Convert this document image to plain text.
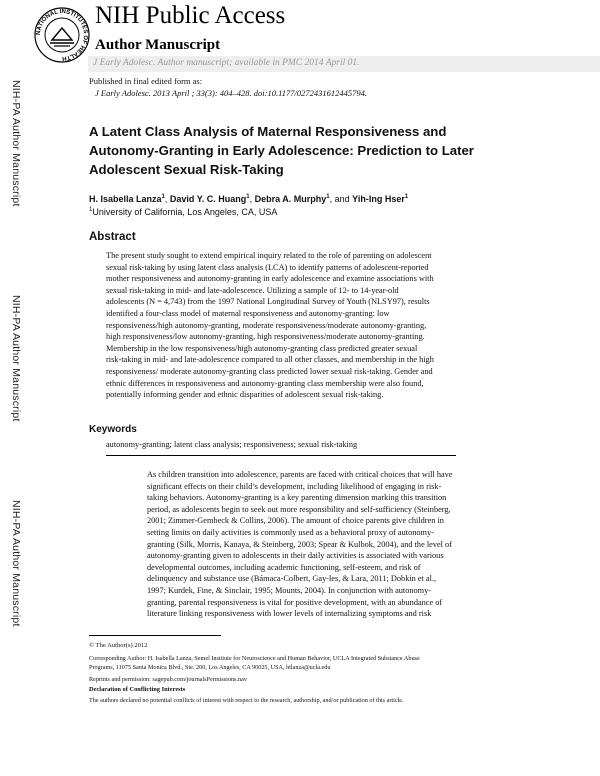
NATIONAL INSTITUTES OF HEALTH
NIH Public Access
Author Manuscript
J Early Adolesc. Author manuscript; available in PMC 2014 April 01.
Published in final edited form as:
J Early Adolesc. 2013 April ; 33(3): 404–428. doi:10.1177/0272431612445794.
NIH-PA Author Manuscript
NIH-PA Author Manuscript
NIH-PA Author Manuscript
A Latent Class Analysis of Maternal Responsiveness and
Autonomy-Granting in Early Adolescence: Prediction to Later
Adolescent Sexual Risk-Taking
H. Isabella Lanza$^1$, David Y. C. Huang$^1$, Debra A. Murphy$^1$, and Yih-Ing Hser$^1$
$^1$University of California, Los Angeles, CA, USA
Abstract
The present study sought to extend empirical inquiry related to the role of parenting on adolescent
sexual risk-taking by using latent class analysis (LCA) to identify patterns of adolescent-reported
mother responsiveness and autonomy-granting in early adolescence and examine associations with
sexual risk-taking in mid- and late-adolescence. Utilizing a sample of 12- to 14-year-old
adolescents (N = 4,743) from the 1997 National Longitudinal Survey of Youth (NLSY97), results
identified a four-class model of maternal responsiveness and autonomy-granting: low
responsiveness/high autonomy-granting, moderate responsiveness/moderate autonomy-granting,
high responsiveness/low autonomy-granting, high responsiveness/moderate autonomy-granting.
Membership in the low responsiveness/high autonomy-granting class predicted greater sexual
risk-taking in mid- and late-adolescence compared to all other classes, and membership in the high
responsiveness/ moderate autonomy-granting class predicted lower sexual risk-taking. Gender and
ethnic differences in responsiveness and autonomy-granting class membership were also found,
potentially informing gender and ethnic disparities of adolescent sexual risk-taking.
Keywords
autonomy-granting; latent class analysis; responsiveness; sexual risk-taking
As children transition into adolescence, parents are faced with critical choices that will have
significant effects on their child’s development, including likelihood of engaging in risk-
taking behaviors. Autonomy-granting is a key parenting dimension marking this transition
period, as adolescents begin to seek out more responsibility and self-sufficiency (Steinberg,
2001; Zimmer-Gembeck & Collins, 2006). The amount of choice parents give children in
setting limits on daily activities is commonly used as a behavioral proxy of autonomy-
granting (Silk, Morris, Kanaya, & Steinberg, 2003; Spear & Kulbok, 2004), and the level of
autonomy-granting given to adolescents in their daily activities is associated with various
developmental outcomes, including academic functioning, self-esteem, and risk of
delinquency and substance use (Bámaca-Colbert, Gay-les, & Lara, 2011; Dobkin et al.,
1997; Kurdek, Fine, & Sinclair, 1995; Mounts, 2004). In conjunction with autonomy-
granting, parental responsiveness is vital for positive development, with an abundance of
literature linking responsiveness with lower levels of internalizing symptoms and risk
© The Author(s) 2012
Corresponding Author: H. Isabella Lanza, Semel Institute for Neuroscience and Human Behavior, UCLA Integrated Substance Abuse
Programs, 11075 Santa Monica Blvd., Ste. 200, Los Angeles, CA 90025, USA, hilanza@ucla.edu
Reprints and permission: sagepub.com/journalsPermissions.nav
Declaration of Conflicting Interests
The authors declared no potential conflicts of interest with respect to the research, authorship, and/or publication of this article.
